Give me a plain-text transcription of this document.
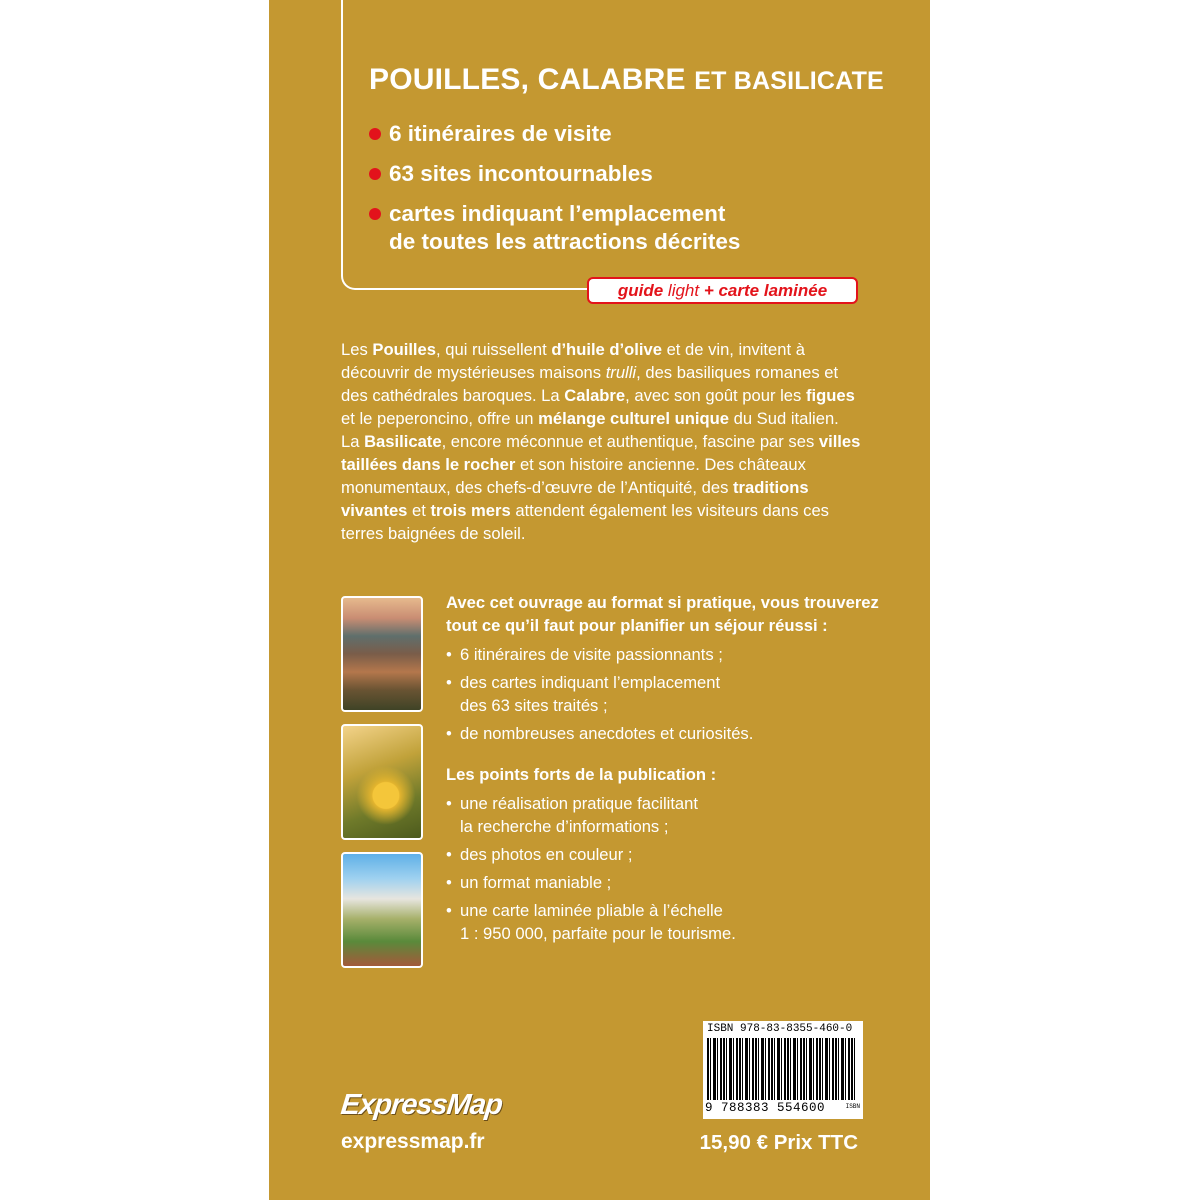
POUILLES, CALABRE ET BASILICATE
6 itinéraires de visite
63 sites incontournables
cartes indiquant l’emplacement
de toutes les attractions décrites
guide light + carte laminée

Les Pouilles, qui ruissellent d’huile d’olive et de vin, invitent à découvrir de mystérieuses maisons trulli, des basiliques romanes et des cathédrales baroques. La Calabre, avec son goût pour les figues et le peperoncino, offre un mélange culturel unique du Sud italien. La Basilicate, encore méconnue et authentique, fascine par ses villes taillées dans le rocher et son histoire ancienne. Des châteaux monumentaux, des chefs-d’œuvre de l’Antiquité, des traditions vivantes et trois mers attendent également les visiteurs dans ces terres baignées de soleil.

Avec cet ouvrage au format si pratique, vous trouverez tout ce qu’il faut pour planifier un séjour réussi :

• 6 itinéraires de visite passionnants ;
• des cartes indiquant l’emplacement
des 63 sites traités ;
• de nombreuses anecdotes et curiosités.

Les points forts de la publication :

• une réalisation pratique facilitant
la recherche d’informations ;
• des photos en couleur ;
• un format maniable ;
• une carte laminée pliable à l’échelle
1 : 950 000, parfaite pour le tourisme.
ISBN 978-83-8355-460-0
9 788383 554600	ISBN
ExpressMap
expressmap.fr	15,90 € Prix TTC
